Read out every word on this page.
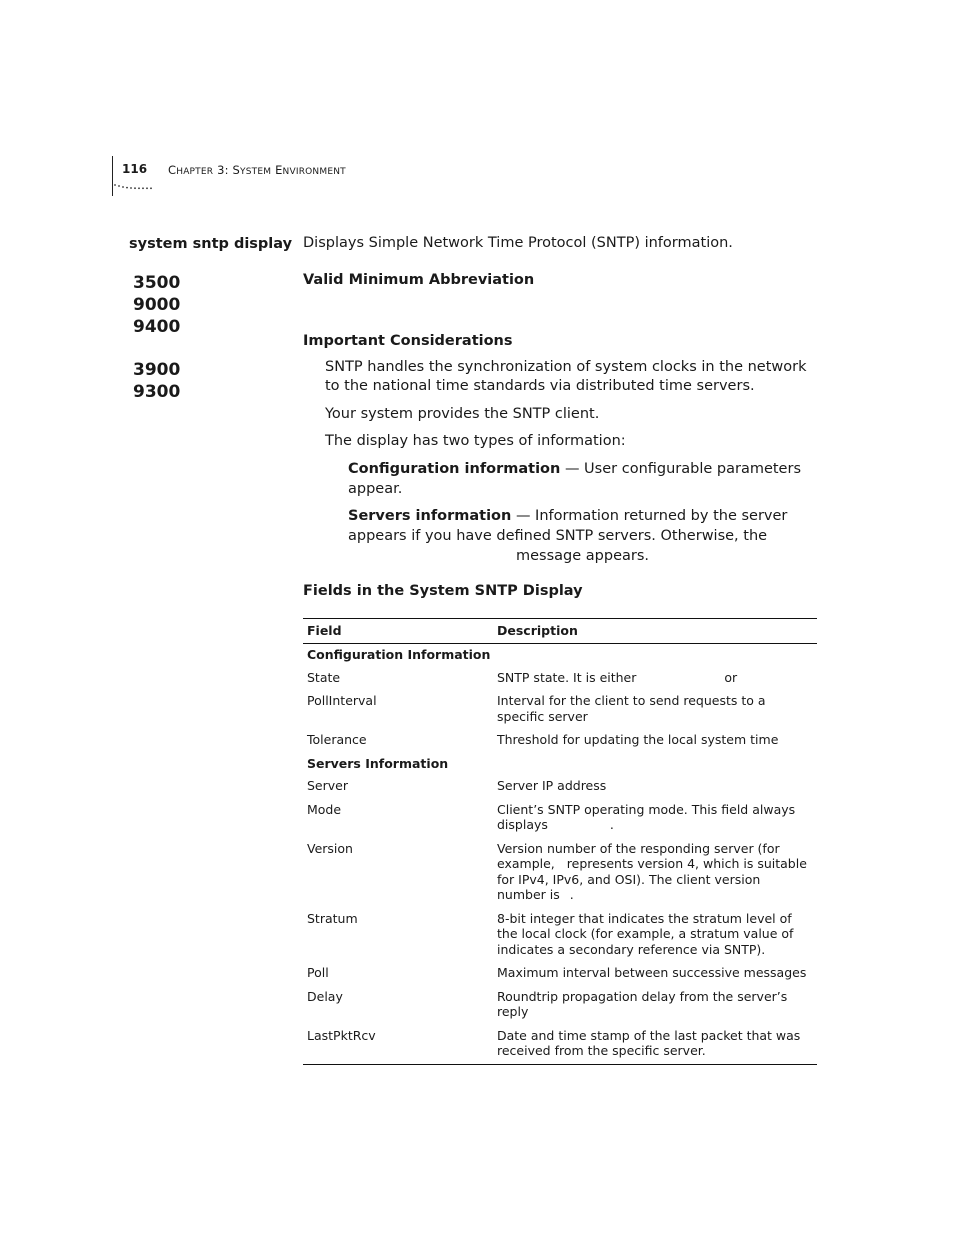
116 CHAPTER 3: SYSTEM ENVIRONMENT
system sntp display Displays Simple Network Time Protocol (SNTP) information.
3500
9000
9400
3900
9300
Valid Minimum Abbreviation
Important Considerations
SNTP handles the synchronization of system clocks in the network to the national time standards via distributed time servers.
Your system provides the SNTP client.
The display has two types of information:
Configuration information — User configurable parameters appear.
Servers information — Information returned by the server appears if you have defined SNTP servers. Otherwise, the
message appears.
Fields in the System SNTP Display
Field	Description
Configuration Information	
State	SNTP state. It is either or
PollInterval	Interval for the client to send requests to a specific server
Tolerance	Threshold for updating the local system time
Servers Information	
Server	Server IP address
Mode	Client’s SNTP operating mode. This field always displays .
Version	Version number of the responding server (for example, represents version 4, which is suitable for IPv4, IPv6, and OSI). The client version number is .
Stratum	8-bit integer that indicates the stratum level of the local clock (for example, a stratum value of indicates a secondary reference via SNTP).
Poll	Maximum interval between successive messages
Delay	Roundtrip propagation delay from the server’s reply
LastPktRcv	Date and time stamp of the last packet that was received from the specific server.
